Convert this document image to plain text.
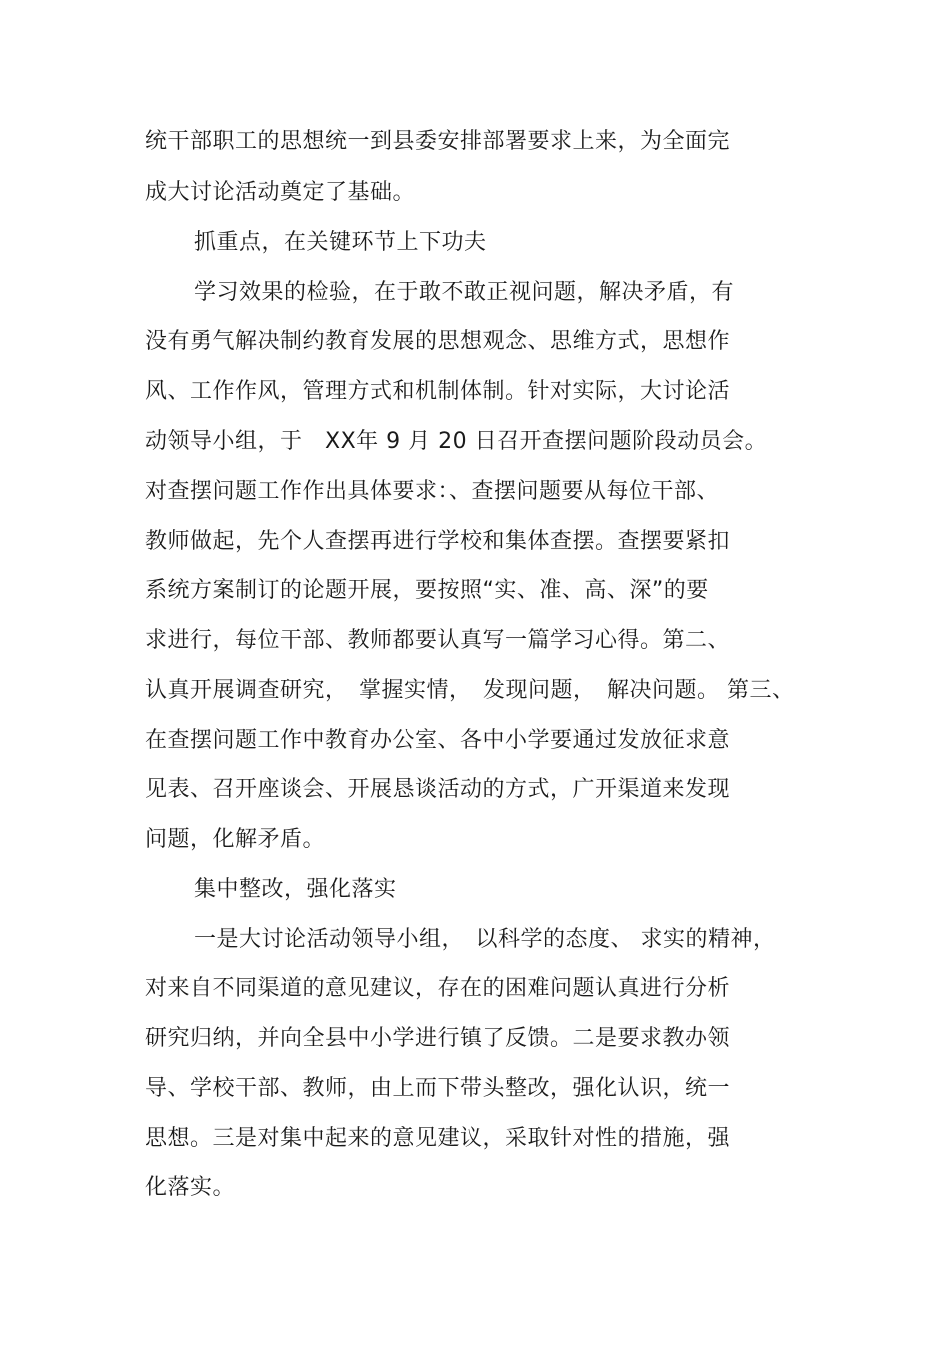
统干部职工的思想统一到县委安排部署要求上来，为全面完
成大讨论活动奠定了基础。
抓重点，在关键环节上下功夫
学习效果的检验，在于敢不敢正视问题，解决矛盾，有
没有勇气解决制约教育发展的思想观念、思维方式，思想作
风、工作作风，管理方式和机制体制。针对实际，大讨论活
动领导小组，于　XX年 9 月 20 日召开查摆问题阶段动员会。
对查摆问题工作作出具体要求：、查摆问题要从每位干部、
教师做起，先个人查摆再进行学校和集体查摆。查摆要紧扣
系统方案制订的论题开展，要按照“实、准、高、深”的要
求进行，每位干部、教师都要认真写一篇学习心得。第二、
认真开展调查研究，　掌握实情，　发现问题，　解决问题。 第三、
在查摆问题工作中教育办公室、各中小学要通过发放征求意
见表、召开座谈会、开展恳谈活动的方式，广开渠道来发现
问题，化解矛盾。
集中整改，强化落实
一是大讨论活动领导小组，　以科学的态度、 求实的精神，
对来自不同渠道的意见建议，存在的困难问题认真进行分析
研究归纳，并向全县中小学进行镇了反馈。二是要求教办领
导、学校干部、教师，由上而下带头整改，强化认识，统一
思想。三是对集中起来的意见建议，采取针对性的措施，强
化落实。
